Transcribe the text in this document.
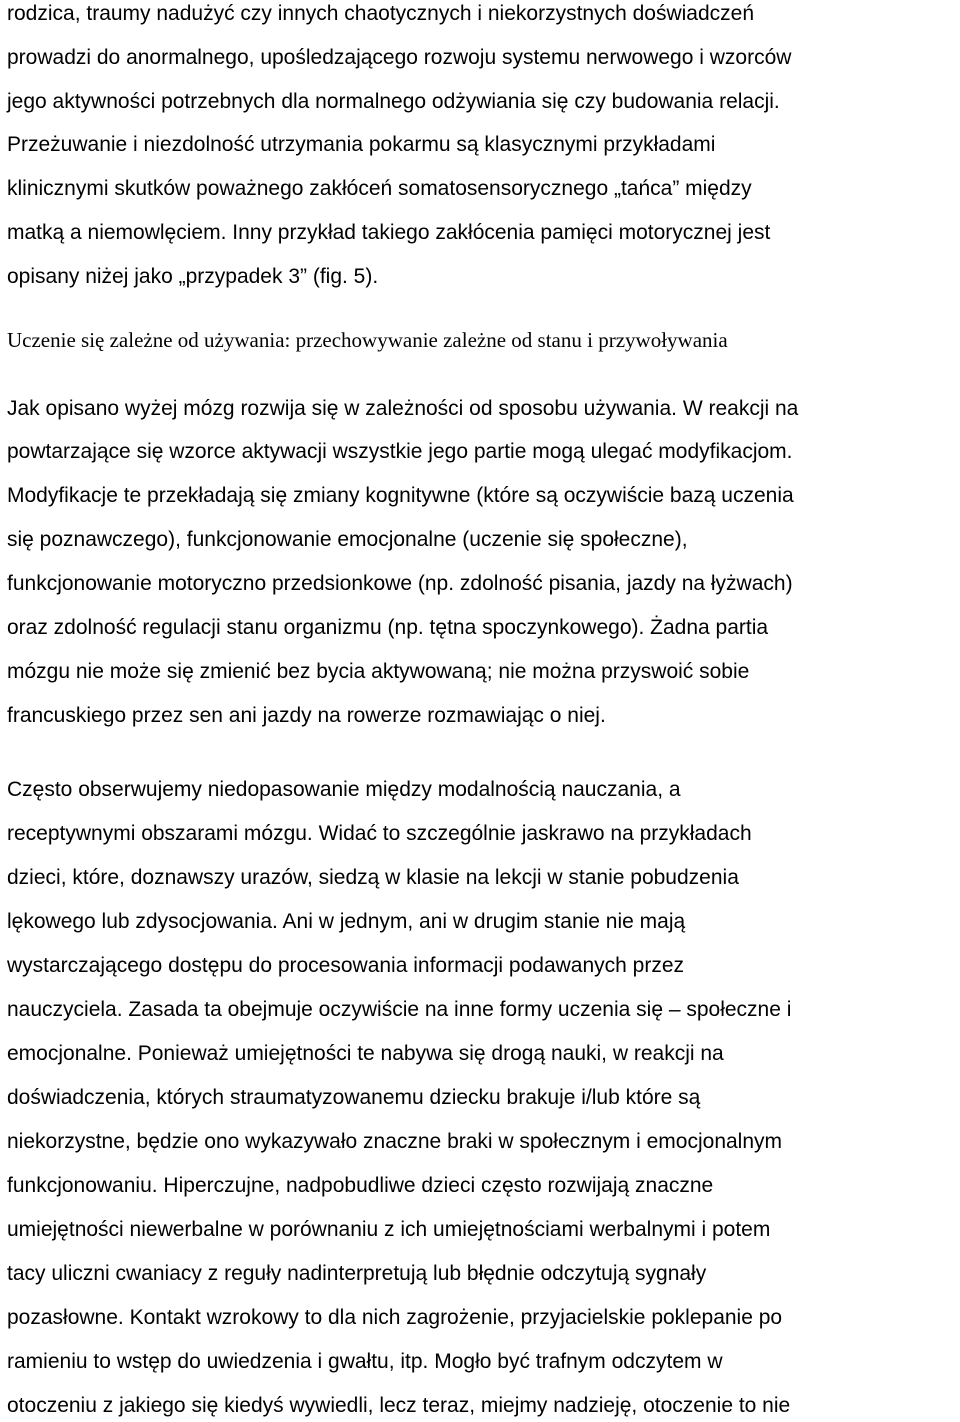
rodzica, traumy nadużyć czy innych chaotycznych i niekorzystnych doświadczeń
prowadzi do anormalnego, upośledzającego rozwoju systemu nerwowego i wzorców
jego aktywności potrzebnych dla normalnego odżywiania się czy budowania relacji.
Przeżuwanie i niezdolność utrzymania pokarmu są klasycznymi przykładami
klinicznymi skutków poważnego zakłóceń somatosensorycznego „tańca” między
matką a niemowlęciem. Inny przykład takiego zakłócenia pamięci motorycznej jest
opisany niżej jako „przypadek 3” (fig. 5).
Uczenie się zależne od używania: przechowywanie zależne od stanu i przywoływania
Jak opisano wyżej mózg rozwija się w zależności od sposobu używania. W reakcji na
powtarzające się wzorce aktywacji wszystkie jego partie mogą ulegać modyfikacjom.
Modyfikacje te przekładają się zmiany kognitywne (które są oczywiście bazą uczenia
się poznawczego), funkcjonowanie emocjonalne (uczenie się społeczne),
funkcjonowanie motoryczno przedsionkowe (np. zdolność pisania, jazdy na łyżwach)
oraz zdolność regulacji stanu organizmu (np. tętna spoczynkowego). Żadna partia
mózgu nie może się zmienić bez bycia aktywowaną; nie można przyswoić sobie
francuskiego przez sen ani jazdy na rowerze rozmawiając o niej.
Często obserwujemy niedopasowanie między modalnością nauczania, a
receptywnymi obszarami mózgu. Widać to szczególnie jaskrawo na przykładach
dzieci, które, doznawszy urazów, siedzą w klasie na lekcji w stanie pobudzenia
lękowego lub zdysocjowania. Ani w jednym, ani w drugim stanie nie mają
wystarczającego dostępu do procesowania informacji podawanych przez
nauczyciela. Zasada ta obejmuje oczywiście na inne formy uczenia się – społeczne i
emocjonalne. Ponieważ umiejętności te nabywa się drogą nauki, w reakcji na
doświadczenia, których straumatyzowanemu dziecku brakuje i/lub które są
niekorzystne, będzie ono wykazywało znaczne braki w społecznym i emocjonalnym
funkcjonowaniu. Hiperczujne, nadpobudliwe dzieci często rozwijają znaczne
umiejętności niewerbalne w porównaniu z ich umiejętnościami werbalnymi i potem
tacy uliczni cwaniacy z reguły nadinterpretują lub błędnie odczytują sygnały
pozasłowne. Kontakt wzrokowy to dla nich zagrożenie, przyjacielskie poklepanie po
ramieniu to wstęp do uwiedzenia i gwałtu, itp. Mogło być trafnym odczytem w
otoczeniu z jakiego się kiedyś wywiedli, lecz teraz, miejmy nadzieję, otoczenie to nie
